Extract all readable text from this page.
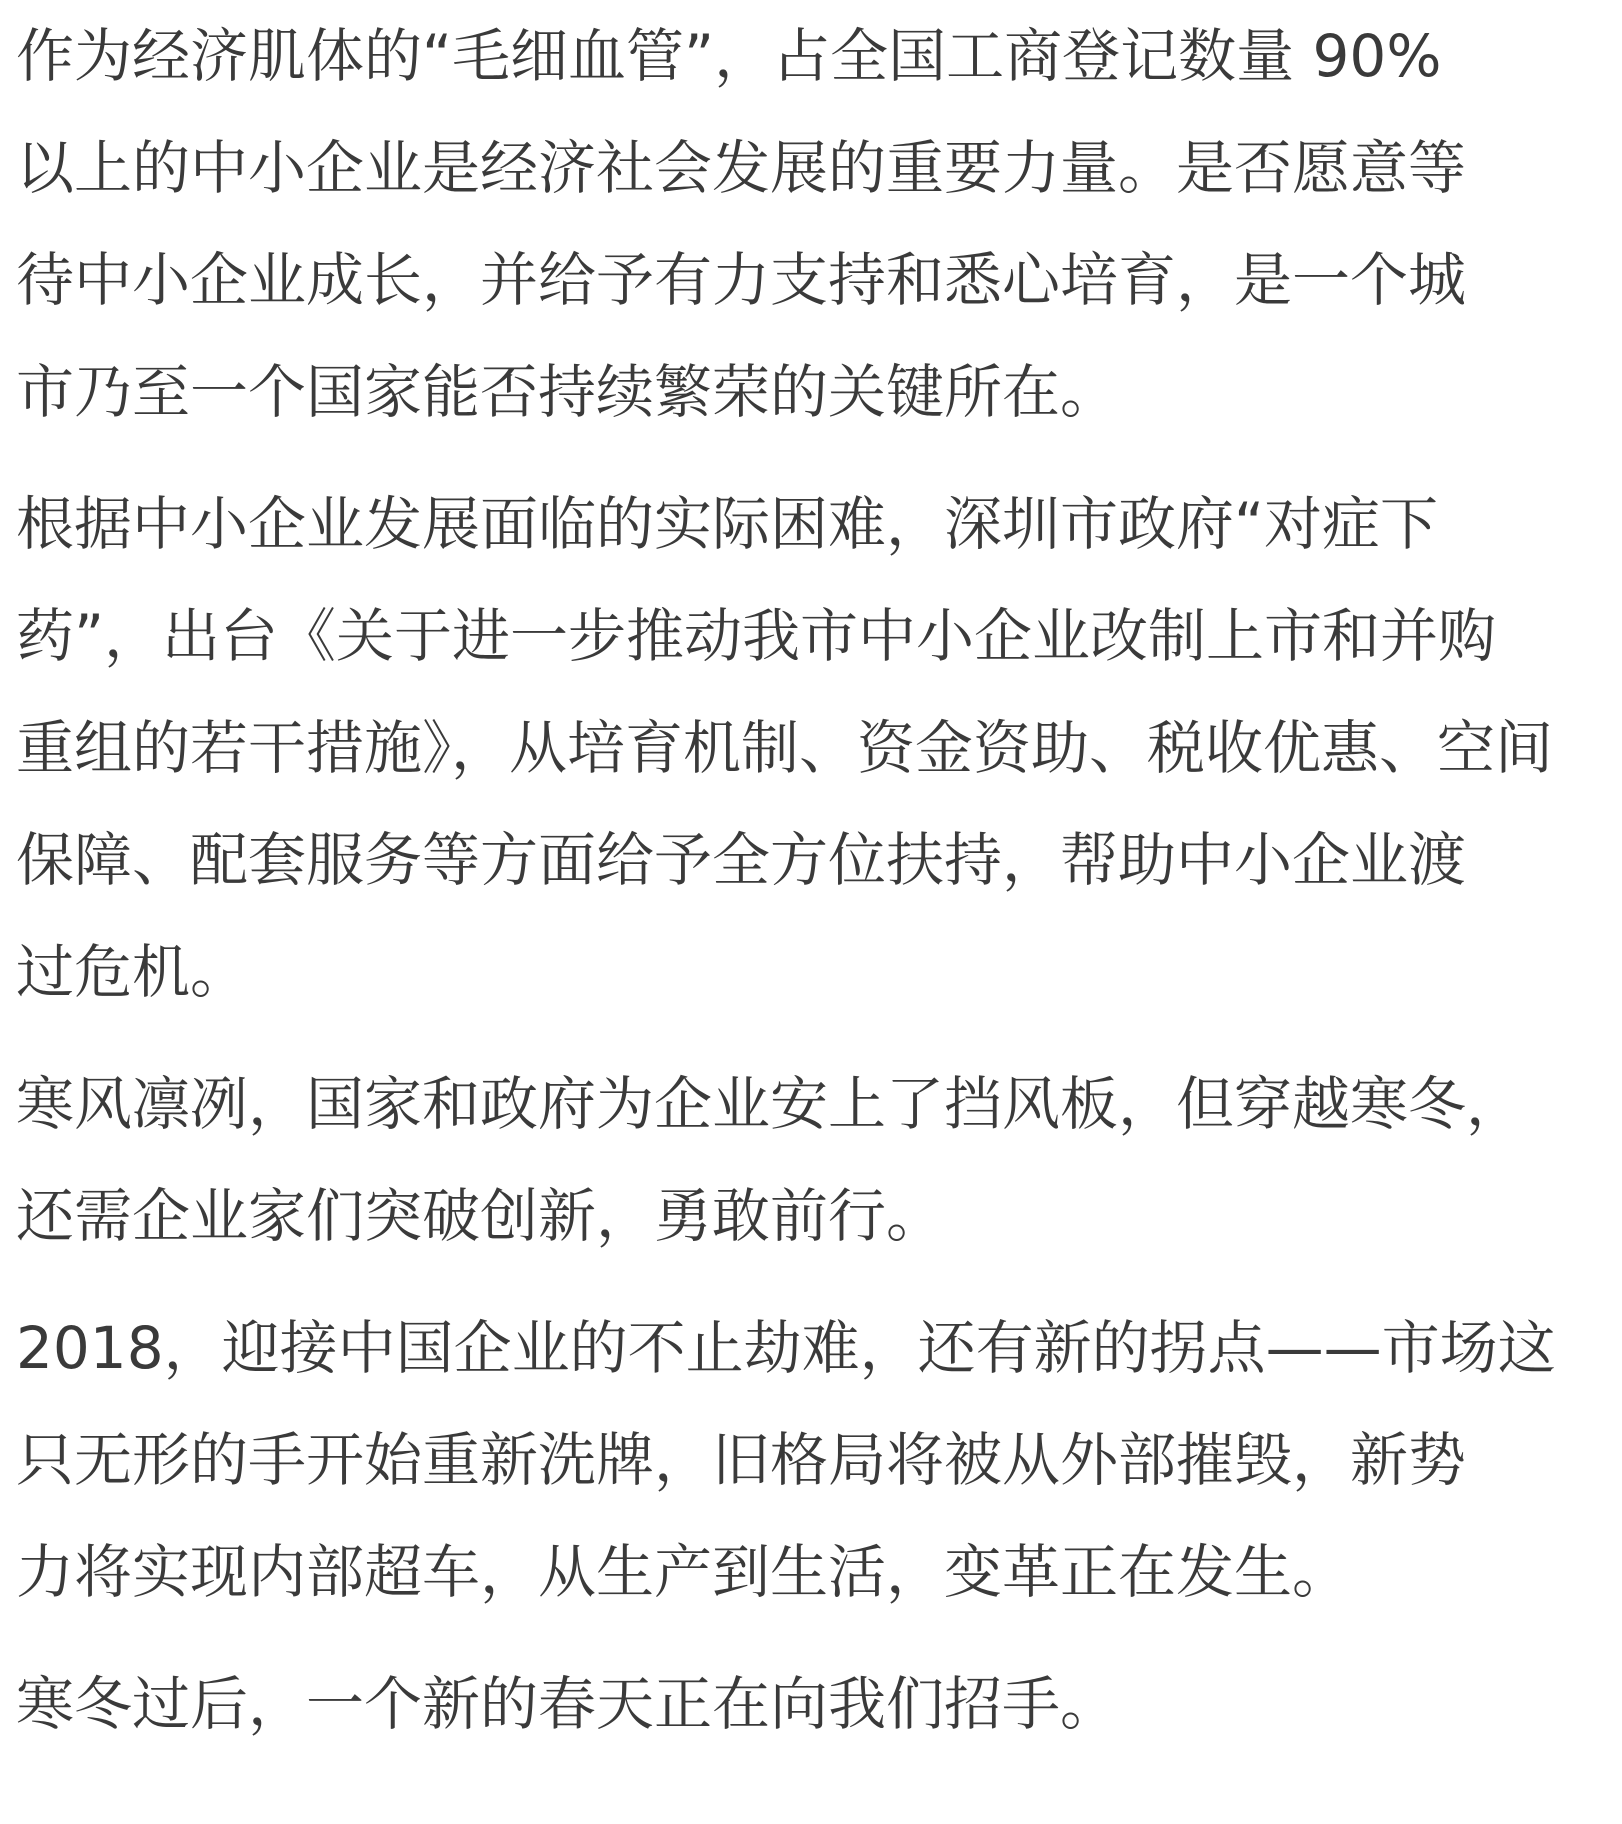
作为经济肌体的“毛细血管”，占全国工商登记数量 90%
以上的中小企业是经济社会发展的重要力量。是否愿意等
待中小企业成长，并给予有力支持和悉心培育，是一个城
市乃至一个国家能否持续繁荣的关键所在。
根据中小企业发展面临的实际困难，深圳市政府“对症下
药”，出台《关于进一步推动我市中小企业改制上市和并购
重组的若干措施》，从培育机制、资金资助、税收优惠、空间
保障、配套服务等方面给予全方位扶持，帮助中小企业渡
过危机。
寒风凛冽，国家和政府为企业安上了挡风板，但穿越寒冬，
还需企业家们突破创新，勇敢前行。
2018，迎接中国企业的不止劫难，还有新的拐点——市场这
只无形的手开始重新洗牌，旧格局将被从外部摧毁，新势
力将实现内部超车，从生产到生活，变革正在发生。
寒冬过后，一个新的春天正在向我们招手。
